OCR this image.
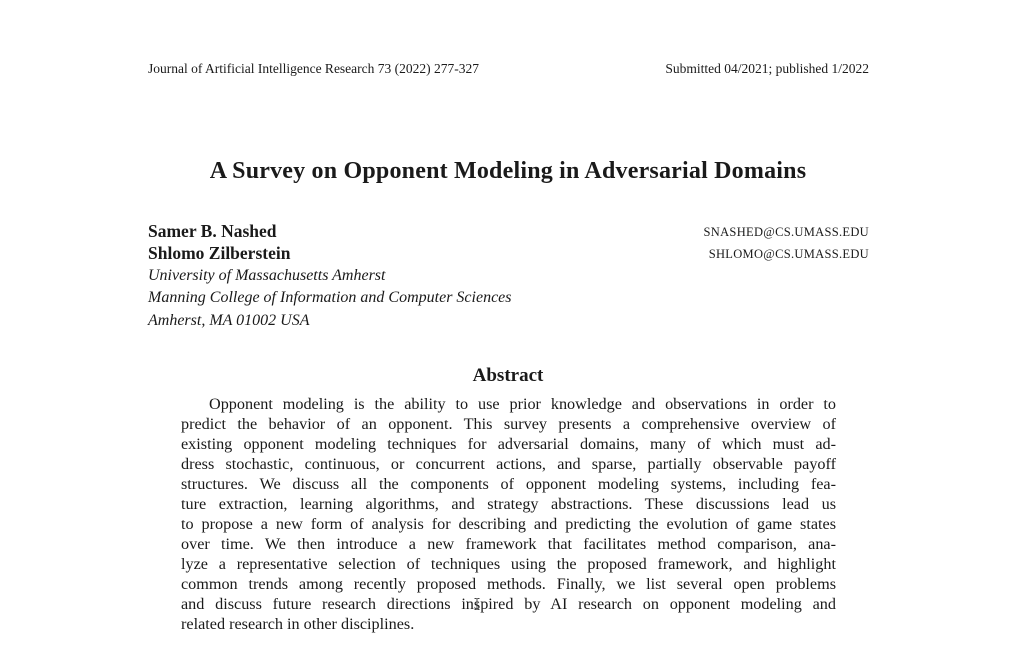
Journal of Artificial Intelligence Research 73 (2022) 277-327	Submitted 04/2021; published 1/2022
A Survey on Opponent Modeling in Adversarial Domains
Samer B. Nashed	SNASHED@CS.UMASS.EDU
Shlomo Zilberstein	SHLOMO@CS.UMASS.EDU
University of Massachusetts Amherst
Manning College of Information and Computer Sciences
Amherst, MA 01002 USA
Abstract
Opponent modeling is the ability to use prior knowledge and observations in order to
predict the behavior of an opponent. This survey presents a comprehensive overview of
existing opponent modeling techniques for adversarial domains, many of which must ad-
dress stochastic, continuous, or concurrent actions, and sparse, partially observable payoff
structures. We discuss all the components of opponent modeling systems, including fea-
ture extraction, learning algorithms, and strategy abstractions. These discussions lead us
to propose a new form of analysis for describing and predicting the evolution of game states
over time. We then introduce a new framework that facilitates method comparison, ana-
lyze a representative selection of techniques using the proposed framework, and highlight
common trends among recently proposed methods. Finally, we list several open problems
and discuss future research directions inspired by AI research on opponent modeling and
related research in other disciplines.
